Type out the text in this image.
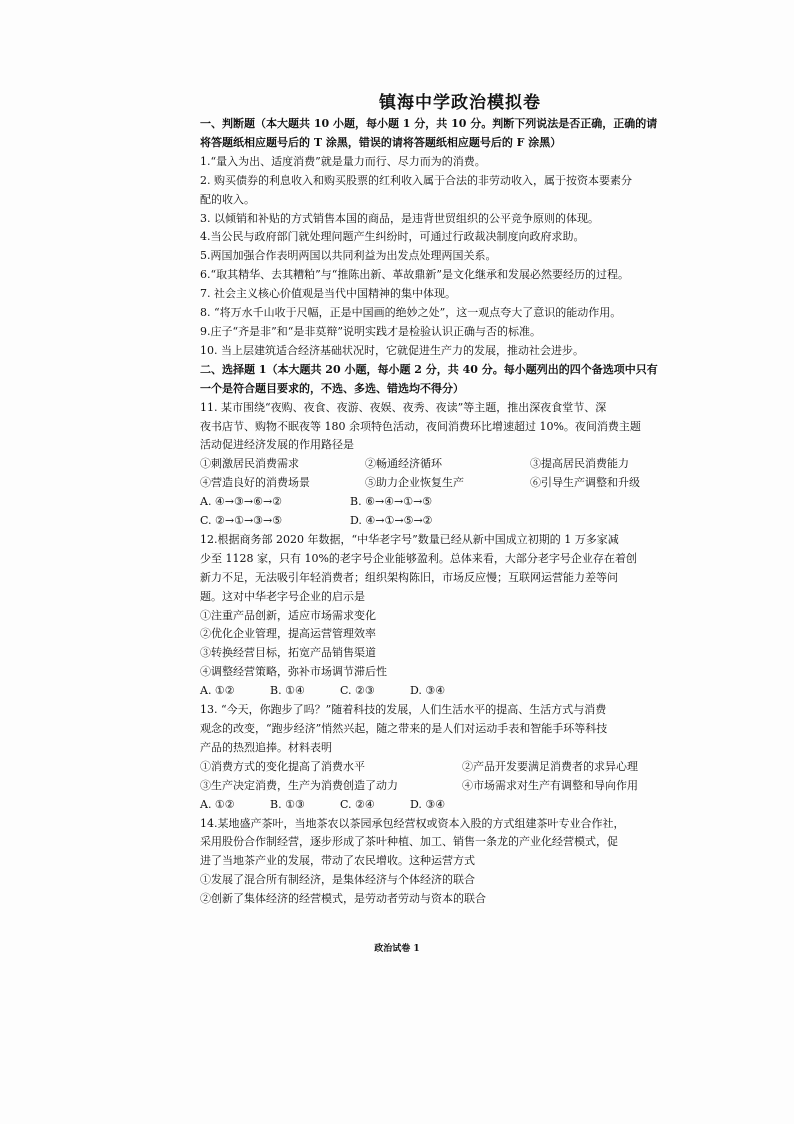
镇海中学政治模拟卷
一、判断题（本大题共 10 小题，每小题 1 分，共 10 分。判断下列说法是否正确，正确的请
将答题纸相应题号后的 T 涂黑，错误的请将答题纸相应题号后的 F 涂黑）
1.“量入为出、适度消费”就是量力而行、尽力而为的消费。
2. 购买债券的利息收入和购买股票的红利收入属于合法的非劳动收入，属于按资本要素分
配的收入。
3. 以倾销和补贴的方式销售本国的商品，是违背世贸组织的公平竞争原则的体现。
4.当公民与政府部门就处理问题产生纠纷时，可通过行政裁决制度向政府求助。
5.两国加强合作表明两国以共同利益为出发点处理两国关系。
6.“取其精华、去其糟粕”与“推陈出新、革故鼎新”是文化继承和发展必然要经历的过程。
7. 社会主义核心价值观是当代中国精神的集中体现。
8. “将万水千山收于尺幅，正是中国画的绝妙之处”，这一观点夸大了意识的能动作用。
9.庄子“齐是非”和“是非莫辩”说明实践才是检验认识正确与否的标准。
10. 当上层建筑适合经济基础状况时，它就促进生产力的发展，推动社会进步。
二、选择题 1（本大题共 20 小题，每小题 2 分，共 40 分。每小题列出的四个备选项中只有
一个是符合题目要求的，不选、多选、错选均不得分）
11. 某市围绕“夜购、夜食、夜游、夜娱、夜秀、夜读”等主题，推出深夜食堂节、深
夜书店节、购物不眠夜等 180 余项特色活动，夜间消费环比增速超过 10%。夜间消费主题
活动促进经济发展的作用路径是
①刺激居民消费需求	②畅通经济循环	③提高居民消费能力
④营造良好的消费场景	⑤助力企业恢复生产	⑥引导生产调整和升级
A. ④→③→⑥→②	B. ⑥→④→①→⑤
C. ②→①→③→⑤	D. ④→①→⑤→②
12.根据商务部 2020 年数据，“中华老字号”数量已经从新中国成立初期的 1 万多家减
少至 1128 家，只有 10%的老字号企业能够盈利。总体来看，大部分老字号企业存在着创
新力不足，无法吸引年轻消费者；组织架构陈旧，市场反应慢；互联网运营能力差等问
题。这对中华老字号企业的启示是
①注重产品创新，适应市场需求变化
②优化企业管理，提高运营管理效率
③转换经营目标，拓宽产品销售渠道
④调整经营策略，弥补市场调节滞后性
A. ①②	B. ①④	C. ②③	D. ③④
13. “今天，你跑步了吗？”随着科技的发展，人们生活水平的提高、生活方式与消费
观念的改变，“跑步经济”悄然兴起，随之带来的是人们对运动手表和智能手环等科技
产品的热烈追捧。材料表明
①消费方式的变化提高了消费水平	②产品开发要满足消费者的求异心理
③生产决定消费，生产为消费创造了动力	④市场需求对生产有调整和导向作用
A. ①②	B. ①③	C. ②④	D. ③④
14.某地盛产茶叶，当地茶农以茶园承包经营权或资本入股的方式组建茶叶专业合作社，
采用股份合作制经营，逐步形成了茶叶种植、加工、销售一条龙的产业化经营模式，促
进了当地茶产业的发展，带动了农民增收。这种运营方式
①发展了混合所有制经济，是集体经济与个体经济的联合
②创新了集体经济的经营模式，是劳动者劳动与资本的联合
政治试卷 1
